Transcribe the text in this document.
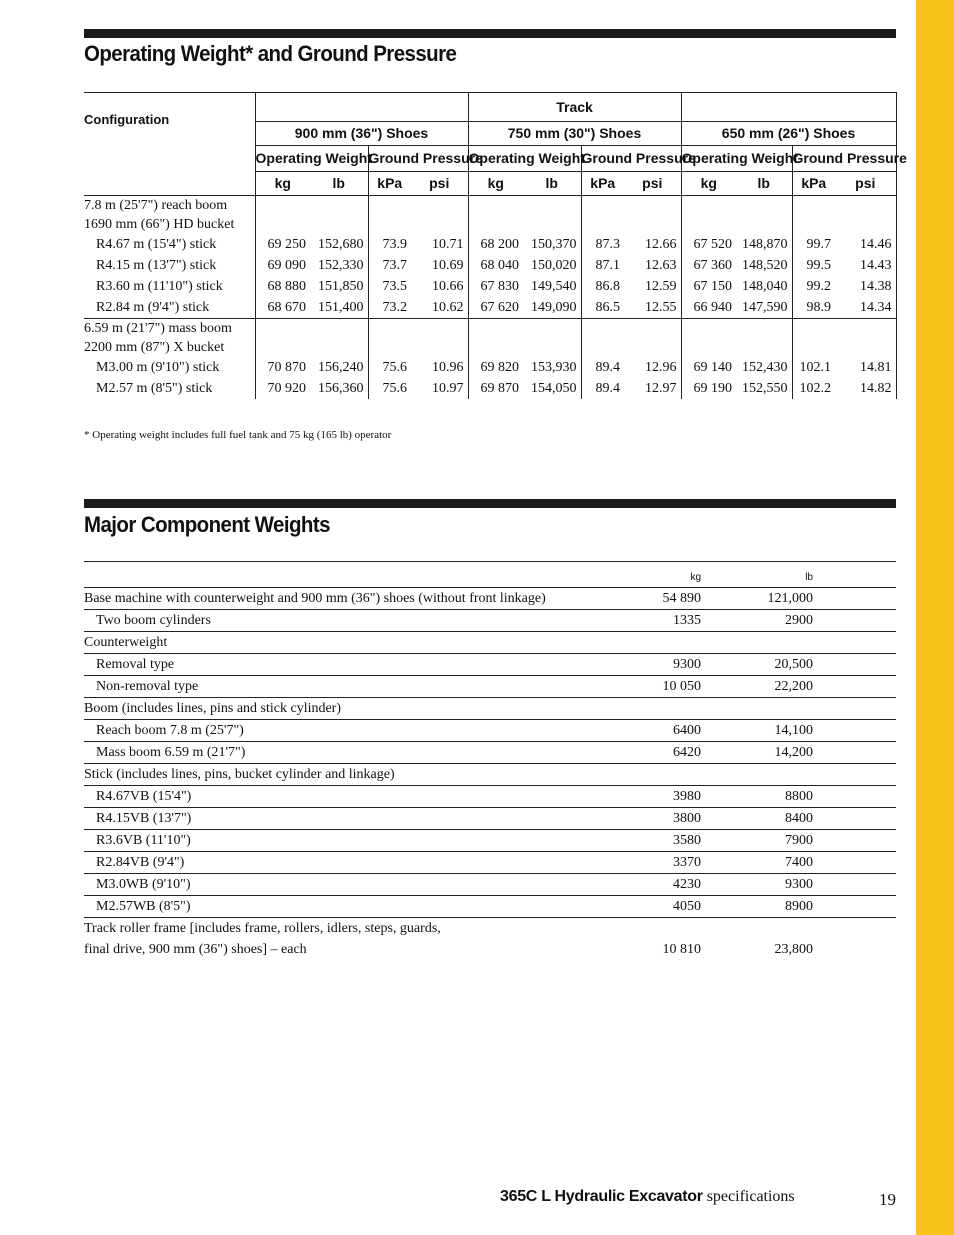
Operating Weight* and Ground Pressure
Configuration					Track							
	900 mm (36") Shoes				750 mm (30") Shoes				650 mm (26") Shoes			
	Operating Weight		Ground Pressure		Operating Weight		Ground Pressure		Operating Weight		Ground Pressure	
	kg	lb	kPa	psi	kg	lb	kPa	psi	kg	lb	kPa	psi

7.8 m (25'7") reach boom
1690 mm (66") HD bucket												

R4.67 m (15'4") stick	69 250	152,680	73.9	10.71	68 200	150,370	87.3	12.66	67 520	148,870	99.7	14.46
R4.15 m (13'7") stick	69 090	152,330	73.7	10.69	68 040	150,020	87.1	12.63	67 360	148,520	99.5	14.43
R3.60 m (11'10") stick	68 880	151,850	73.5	10.66	67 830	149,540	86.8	12.59	67 150	148,040	99.2	14.38
R2.84 m (9'4") stick	68 670	151,400	73.2	10.62	67 620	149,090	86.5	12.55	66 940	147,590	98.9	14.34

6.59 m (21'7") mass boom
2200 mm (87") X bucket												

M3.00 m (9'10") stick	70 870	156,240	75.6	10.96	69 820	153,930	89.4	12.96	69 140	152,430	102.1	14.81
M2.57 m (8'5") stick	70 920	156,360	75.6	10.97	69 870	154,050	89.4	12.97	69 190	152,550	102.2	14.82
* Operating weight includes full fuel tank and 75 kg (165 lb) operator
Major Component Weights
kg	lb
Base machine with counterweight and 900 mm (36") shoes (without front linkage)	54 890	121,000
Two boom cylinders	1335	2900
Counterweight
Removal type	9300	20,500
Non-removal type	10 050	22,200
Boom (includes lines, pins and stick cylinder)
Reach boom 7.8 m (25'7")	6400	14,100
Mass boom 6.59 m (21'7")	6420	14,200
Stick (includes lines, pins, bucket cylinder and linkage)
R4.67VB (15'4")	3980	8800
R4.15VB (13'7")	3800	8400
R3.6VB (11'10")	3580	7900
R2.84VB (9'4")	3370	7400
M3.0WB (9'10")	4230	9300
M2.57WB (8'5")	4050	8900
Track roller frame [includes frame, rollers, idlers, steps, guards,
final drive, 900 mm (36") shoes] – each	10 810	23,800
365C L Hydraulic Excavator specifications	19
